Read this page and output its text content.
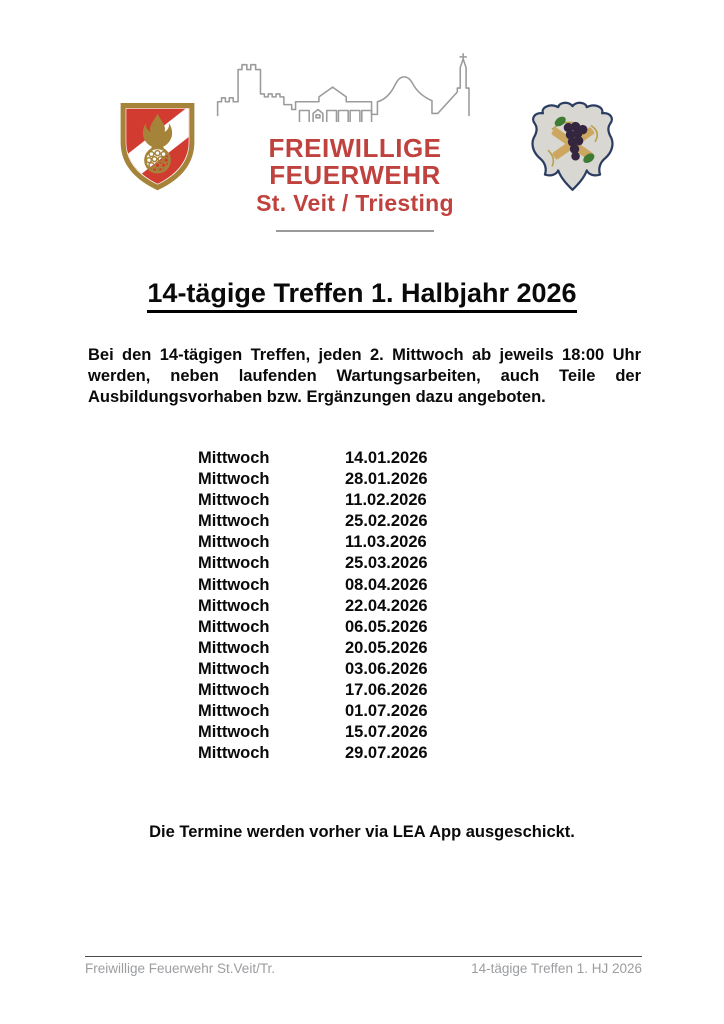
FREIWILLIGE FEUERWEHR
St. Veit / Triesting
14-tägige Treffen 1. Halbjahr 2026

Bei den 14-tägigen Treffen, jeden 2. Mittwoch ab jeweils 18:00 Uhr werden, neben laufenden Wartungsarbeiten, auch Teile der Ausbildungsvorhaben bzw. Ergänzungen dazu angeboten.

Mittwoch	14.01.2026
Mittwoch	28.01.2026
Mittwoch	11.02.2026
Mittwoch	25.02.2026
Mittwoch	11.03.2026
Mittwoch	25.03.2026
Mittwoch	08.04.2026
Mittwoch	22.04.2026
Mittwoch	06.05.2026
Mittwoch	20.05.2026
Mittwoch	03.06.2026
Mittwoch	17.06.2026
Mittwoch	01.07.2026
Mittwoch	15.07.2026
Mittwoch	29.07.2026
Die Termine werden vorher via LEA App ausgeschickt.
Freiwillige Feuerwehr St.Veit/Tr.	14-tägige Treffen 1. HJ 2026
